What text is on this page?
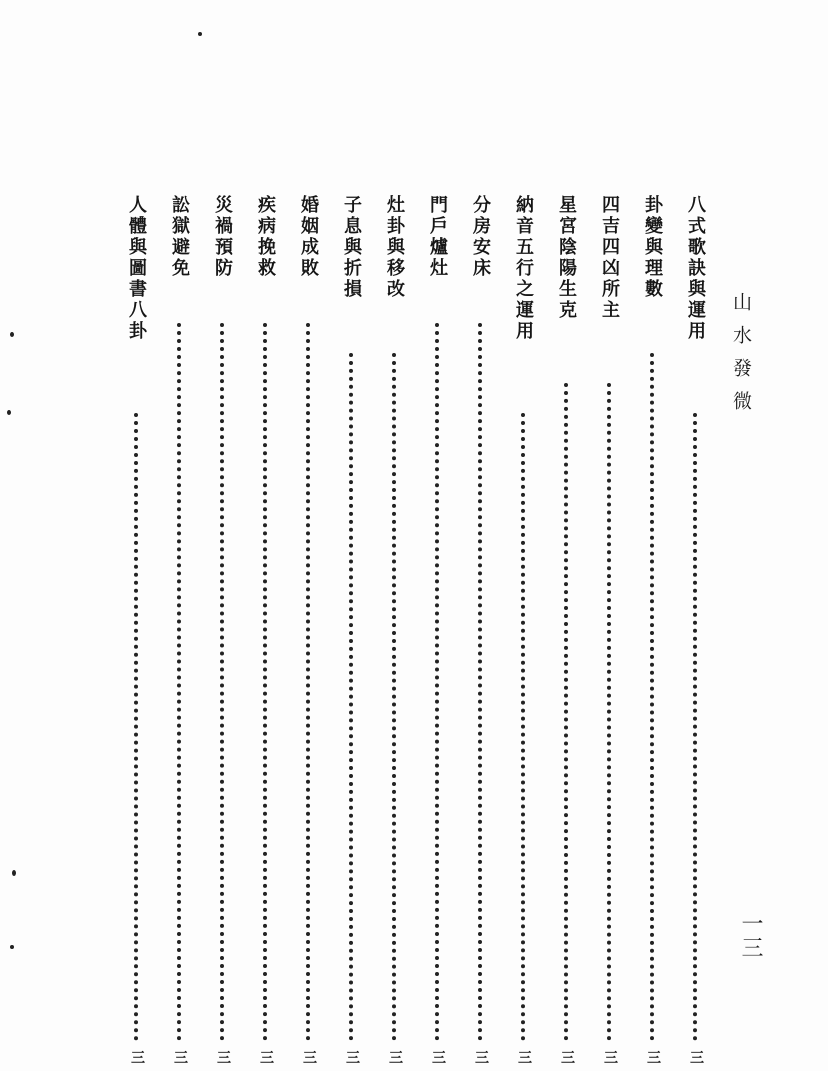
山水發微
一三
八式歌訣與運用
三
卦變與理數
三
四吉四凶所主
三
星宮陰陽生克
三
納音五行之運用
三
分房安床
三
門戶爐灶
三
灶卦與移改
三
子息與折損
三
婚姻成敗
三
疾病挽救
三
災禍預防
三
訟獄避免
三
人體與圖書八卦
三
